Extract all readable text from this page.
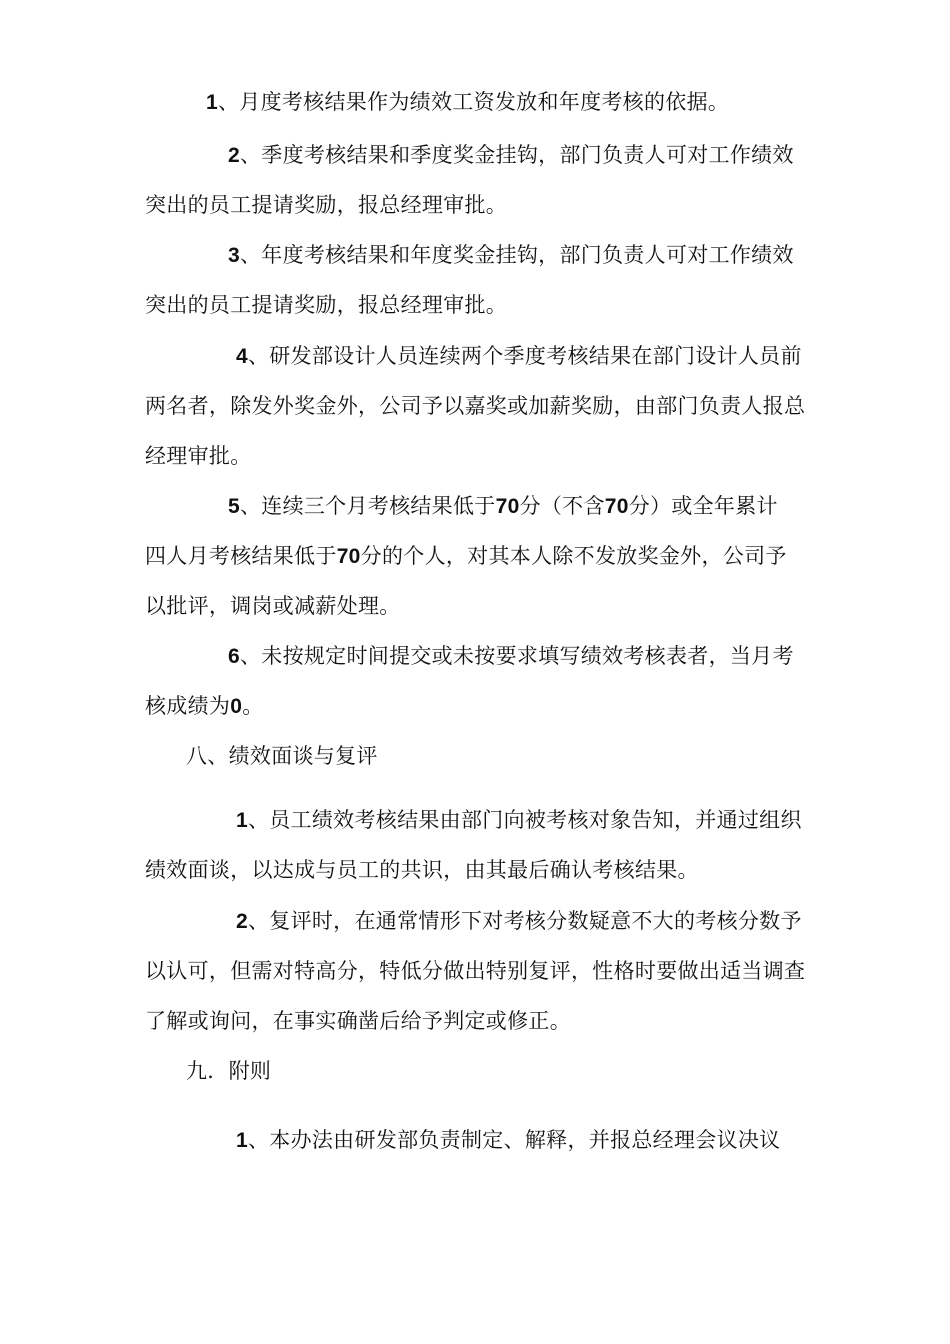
1、月度考核结果作为绩效工资发放和年度考核的依据。
2、季度考核结果和季度奖金挂钩，部门负责人可对工作绩效
突出的员工提请奖励，报总经理审批。
3、年度考核结果和年度奖金挂钩，部门负责人可对工作绩效
突出的员工提请奖励，报总经理审批。
4、研发部设计人员连续两个季度考核结果在部门设计人员前
两名者，除发外奖金外，公司予以嘉奖或加薪奖励，由部门负责人报总
经理审批。
5、连续三个月考核结果低于70分（不含70分）或全年累计
四人月考核结果低于70分的个人，对其本人除不发放奖金外，公司予
以批评，调岗或减薪处理。
6、未按规定时间提交或未按要求填写绩效考核表者，当月考
核成绩为0。
八、绩效面谈与复评
1、员工绩效考核结果由部门向被考核对象告知，并通过组织
绩效面谈，以达成与员工的共识，由其最后确认考核结果。
2、复评时，在通常情形下对考核分数疑意不大的考核分数予
以认可，但需对特高分，特低分做出特别复评，性格时要做出适当调查
了解或询问，在事实确凿后给予判定或修正。
九．附则
1、本办法由研发部负责制定、解释，并报总经理会议决议
